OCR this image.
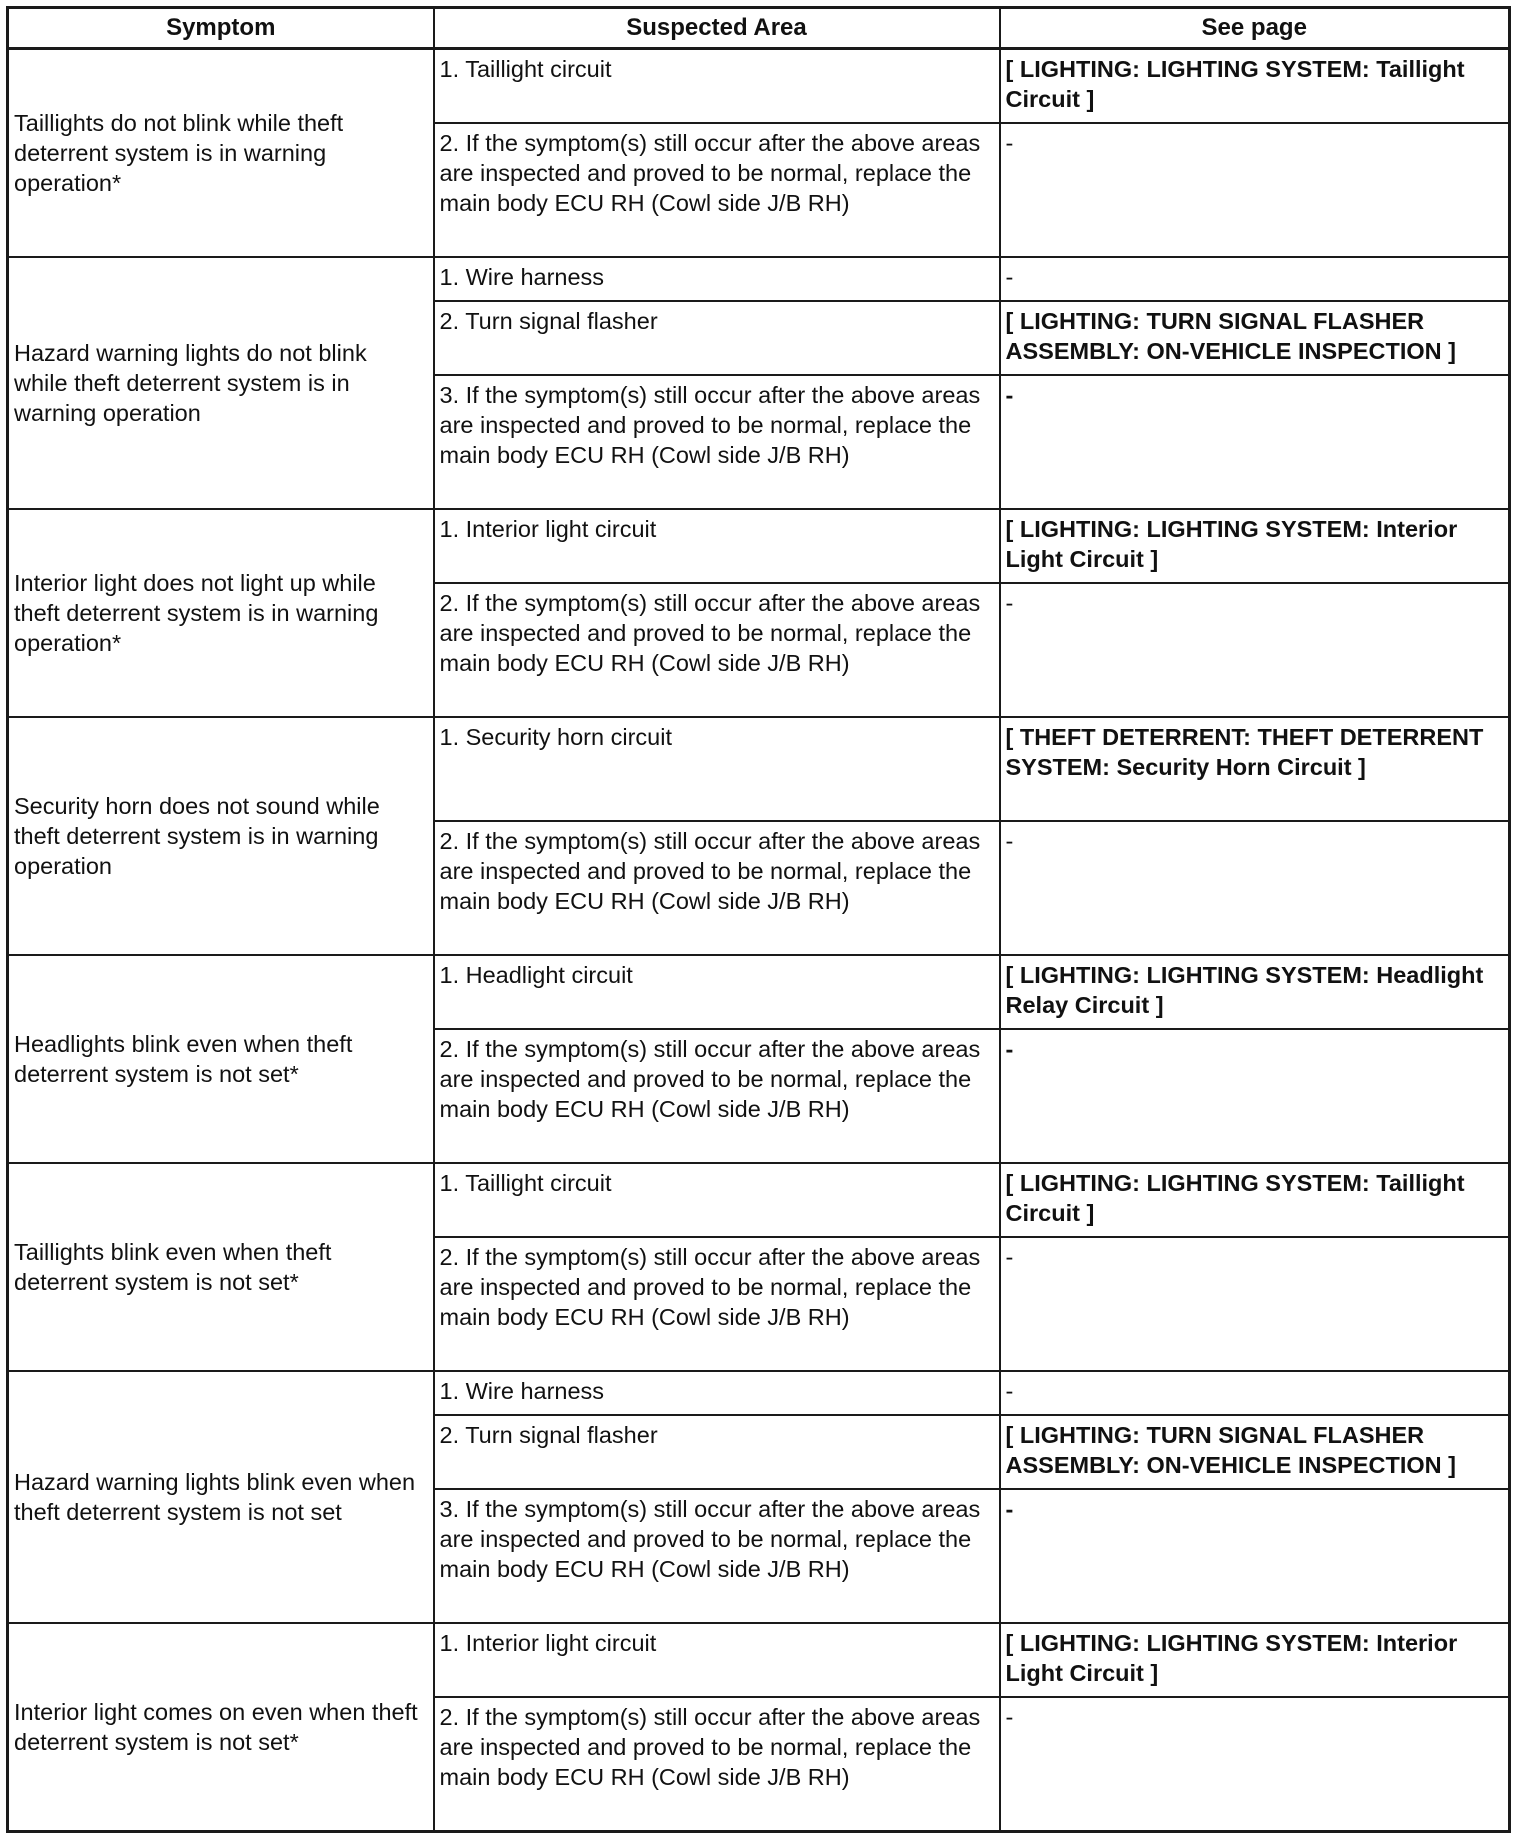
Symptom	Suspected Area	See page
Taillights do not blink while theft deterrent system is in warning operation*	1. Taillight circuit	[ LIGHTING: LIGHTING SYSTEM: Taillight Circuit ]
	2. If the symptom(s) still occur after the above areas are inspected and proved to be normal, replace the main body ECU RH (Cowl side J/B RH)	-
Hazard warning lights do not blink while theft deterrent system is in warning operation	1. Wire harness	-
	2. Turn signal flasher	[ LIGHTING: TURN SIGNAL FLASHER ASSEMBLY: ON-VEHICLE INSPECTION ]
	3. If the symptom(s) still occur after the above areas are inspected and proved to be normal, replace the main body ECU RH (Cowl side J/B RH)	-
Interior light does not light up while theft deterrent system is in warning operation*	1. Interior light circuit	[ LIGHTING: LIGHTING SYSTEM: Interior Light Circuit ]
	2. If the symptom(s) still occur after the above areas are inspected and proved to be normal, replace the main body ECU RH (Cowl side J/B RH)	-
Security horn does not sound while theft deterrent system is in warning operation	1. Security horn circuit	[ THEFT DETERRENT: THEFT DETERRENT SYSTEM: Security Horn Circuit ]
	2. If the symptom(s) still occur after the above areas are inspected and proved to be normal, replace the main body ECU RH (Cowl side J/B RH)	-
Headlights blink even when theft deterrent system is not set*	1. Headlight circuit	[ LIGHTING: LIGHTING SYSTEM: Headlight Relay Circuit ]
	2. If the symptom(s) still occur after the above areas are inspected and proved to be normal, replace the main body ECU RH (Cowl side J/B RH)	-
Taillights blink even when theft deterrent system is not set*	1. Taillight circuit	[ LIGHTING: LIGHTING SYSTEM: Taillight Circuit ]
	2. If the symptom(s) still occur after the above areas are inspected and proved to be normal, replace the main body ECU RH (Cowl side J/B RH)	-
Hazard warning lights blink even when theft deterrent system is not set	1. Wire harness	-
	2. Turn signal flasher	[ LIGHTING: TURN SIGNAL FLASHER ASSEMBLY: ON-VEHICLE INSPECTION ]
	3. If the symptom(s) still occur after the above areas are inspected and proved to be normal, replace the main body ECU RH (Cowl side J/B RH)	-
Interior light comes on even when theft deterrent system is not set*	1. Interior light circuit	[ LIGHTING: LIGHTING SYSTEM: Interior Light Circuit ]
	2. If the symptom(s) still occur after the above areas are inspected and proved to be normal, replace the main body ECU RH (Cowl side J/B RH)	-
